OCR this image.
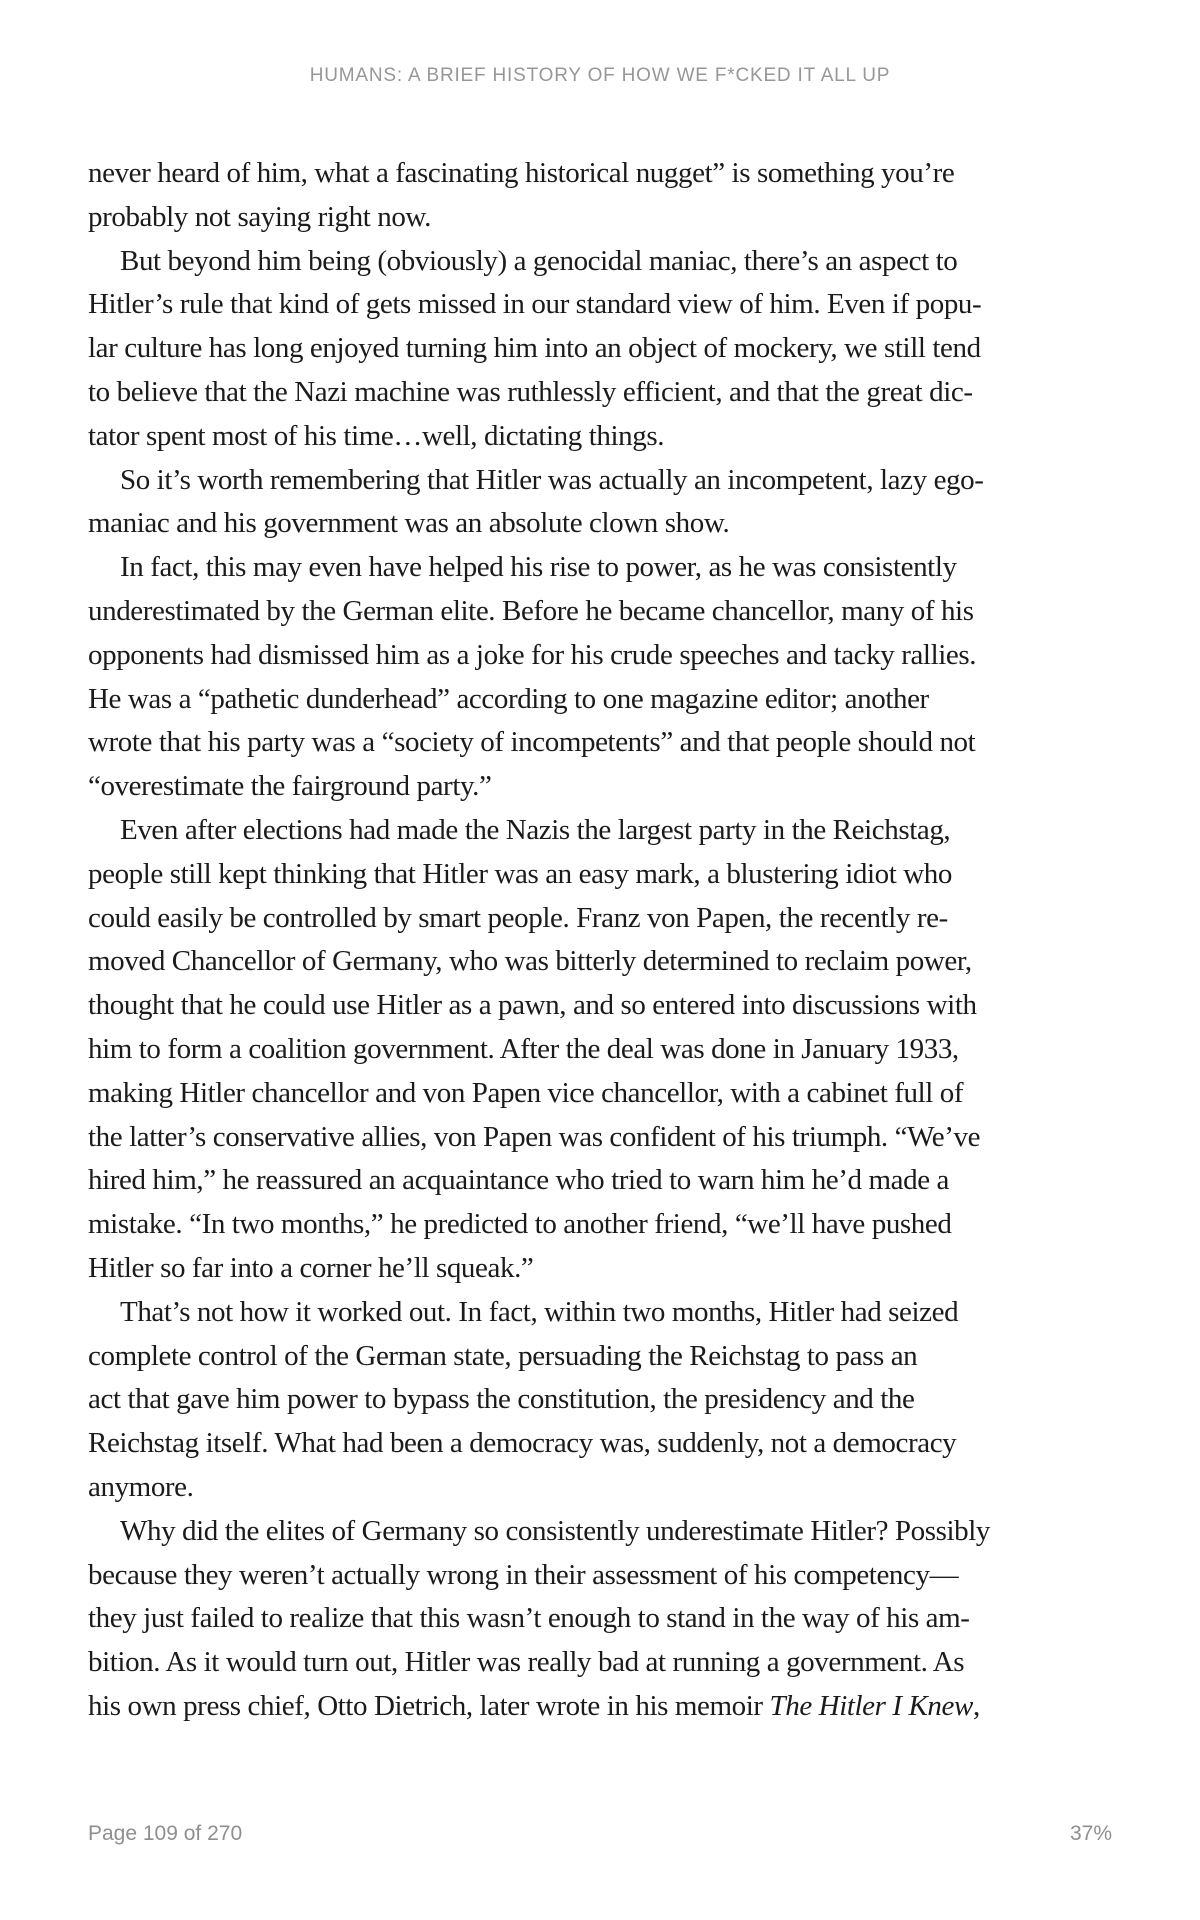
HUMANS: A BRIEF HISTORY OF HOW WE F*CKED IT ALL UP
never heard of him, what a fascinating historical nugget” is something you’re
probably not saying right now.
But beyond him being (obviously) a genocidal maniac, there’s an aspect to
Hitler’s rule that kind of gets missed in our standard view of him. Even if popu-
lar culture has long enjoyed turning him into an object of mockery, we still tend
to believe that the Nazi machine was ruthlessly efficient, and that the great dic-
tator spent most of his time…well, dictating things.
So it’s worth remembering that Hitler was actually an incompetent, lazy ego-
maniac and his government was an absolute clown show.
In fact, this may even have helped his rise to power, as he was consistently
underestimated by the German elite. Before he became chancellor, many of his
opponents had dismissed him as a joke for his crude speeches and tacky rallies.
He was a “pathetic dunderhead” according to one magazine editor; another
wrote that his party was a “society of incompetents” and that people should not
“overestimate the fairground party.”
Even after elections had made the Nazis the largest party in the Reichstag,
people still kept thinking that Hitler was an easy mark, a blustering idiot who
could easily be controlled by smart people. Franz von Papen, the recently re-
moved Chancellor of Germany, who was bitterly determined to reclaim power,
thought that he could use Hitler as a pawn, and so entered into discussions with
him to form a coalition government. After the deal was done in January 1933,
making Hitler chancellor and von Papen vice chancellor, with a cabinet full of
the latter’s conservative allies, von Papen was confident of his triumph. “We’ve
hired him,” he reassured an acquaintance who tried to warn him he’d made a
mistake. “In two months,” he predicted to another friend, “we’ll have pushed
Hitler so far into a corner he’ll squeak.”
That’s not how it worked out. In fact, within two months, Hitler had seized
complete control of the German state, persuading the Reichstag to pass an
act that gave him power to bypass the constitution, the presidency and the
Reichstag itself. What had been a democracy was, suddenly, not a democracy
anymore.
Why did the elites of Germany so consistently underestimate Hitler? Possibly
because they weren’t actually wrong in their assessment of his competency—
they just failed to realize that this wasn’t enough to stand in the way of his am-
bition. As it would turn out, Hitler was really bad at running a government. As
his own press chief, Otto Dietrich, later wrote in his memoir The Hitler I Knew,
Page 109 of 270	37%
